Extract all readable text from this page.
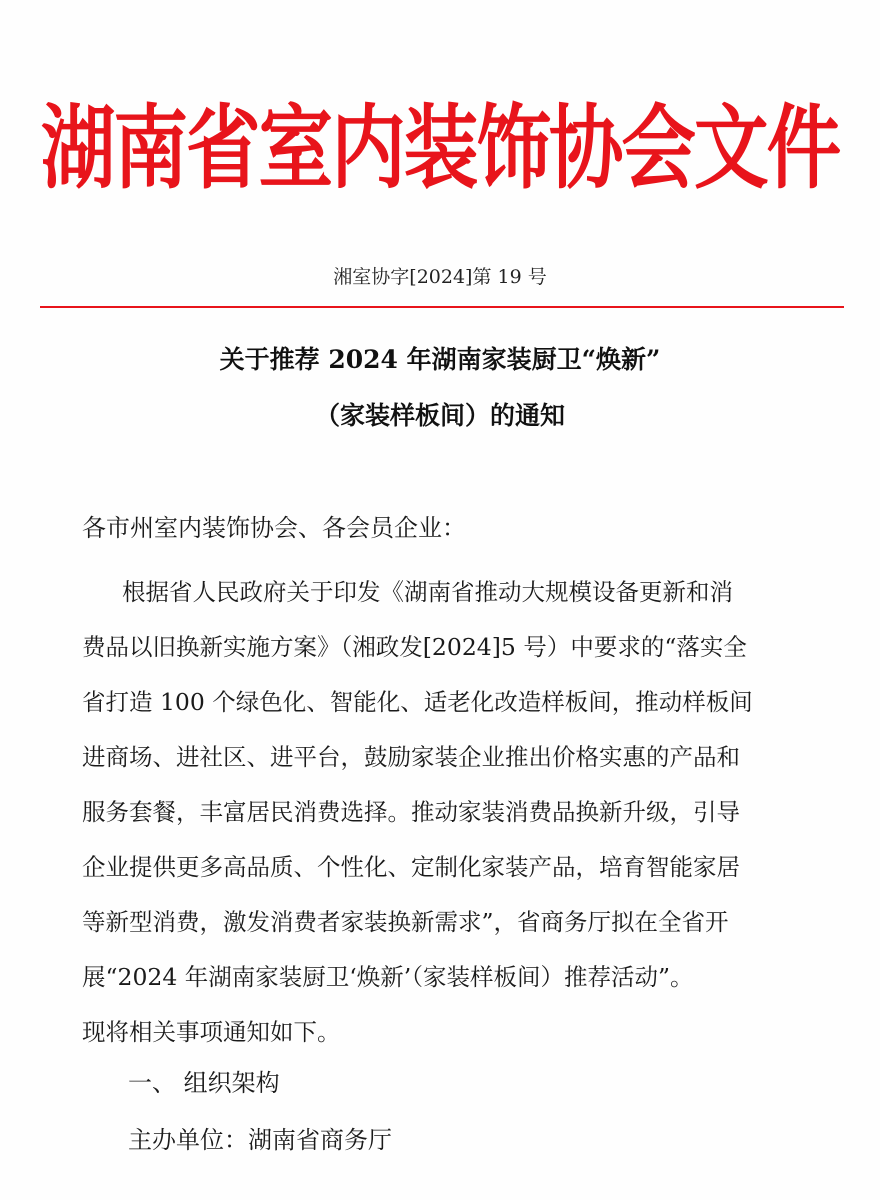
湖南省室内装饰协会文件
湘室协字[2024]第 19 号
关于推荐 2024 年湖南家装厨卫“焕新”
（家装样板间）的通知
各市州室内装饰协会、各会员企业：
根据省人民政府关于印发《湖南省推动大规模设备更新和消
费品以旧换新实施方案》（湘政发[2024]5 号）中要求的“落实全
省打造 100 个绿色化、智能化、适老化改造样板间，推动样板间
进商场、进社区、进平台，鼓励家装企业推出价格实惠的产品和
服务套餐，丰富居民消费选择。推动家装消费品换新升级，引导
企业提供更多高品质、个性化、定制化家装产品，培育智能家居
等新型消费，激发消费者家装换新需求”，省商务厅拟在全省开
展“2024 年湖南家装厨卫‘焕新’（家装样板间）推荐活动”。
现将相关事项通知如下。
一、 组织架构
主办单位：湖南省商务厅
